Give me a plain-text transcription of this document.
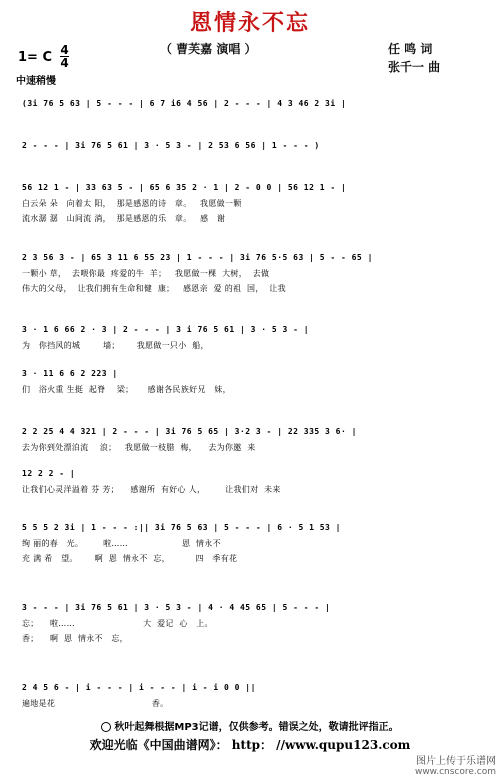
恩情永不忘
（ 曹芙嘉 演唱 ）	任 鸣 词
张千一 曲
1= C 4
4
中速稍慢
(3i 76 5 63 | 5 - - - | 6 7 i6 4 56 | 2 - - - | 4 3 46 2 3i |
2 - - - | 3i 76 5 61 | 3 · 5 3 - | 2 53 6 56 | 1 - - - )
56 12 1 - | 33 63 5 - | 65 6 35 2 · 1 | 2 - 0 0 | 56 12 1 - |
白云朵 朵   向着太 阳，  那是感恩的诗   章。   我愿做一颗
流水潺 潺   山间流 淌，  那是感恩的乐   章。   感   谢
2 3 56 3 - | 65 3 11 6 55 23 | 1 - - - | 3i 76 5·5 63 | 5 - - 65 |
一颗小 草，  去喂你最  疼爱的牛  羊；   我愿做一棵  大树，  去做
伟大的父母，  让我们拥有生命和健  康；   感恩亲  爱 的祖  国，  让我
3 · 1 6 66 2 · 3 | 2 - - - | 3 i 76 5 61 | 3 · 5 3 - |
为   你挡风的城        墙；      我愿做一只小  船，
3 · 11 6 6 2 223 |
们   浴火重 生挺  起脊    梁；     感谢各民族好兄   妹，
2 2 25 4 4 321 | 2 - - - | 3i 76 5 65 | 3·2 3 - | 22 335 3 6· |
去为你到处漂泊流    浪；   我愿做一枝腊  梅，    去为你邀  来
12 2 2 - |
让我们心灵洋溢着 芬 芳；    感谢所  有好心 人，       让我们对  未来
5 5 5 2 3i | 1 - - - :|| 3i 76 5 63 | 5 - - - | 6 · 5 1 53 |
绚 丽的春   光。       啦……                   恩  情永不
充 满 希   望。      啊  恩  情永不  忘，         四   季有花
3 - - - | 3i 76 5 61 | 3 · 5 3 - | 4 · 4 45 65 | 5 - - - |
忘；    啦……                        大  爱记  心   上。
香；    啊  恩  情永不   忘，
2 4 5 6 - | i - - - | i - - - | i - i 0 0 ||
遍地是花                                  香。
秋叶起舞根据MP3记谱，仅供参考。错误之处，敬请批评指正。
欢迎光临《中国曲谱网》： http： //www.qupu123.com
图片上传于乐谱网
www.cnscore.com
